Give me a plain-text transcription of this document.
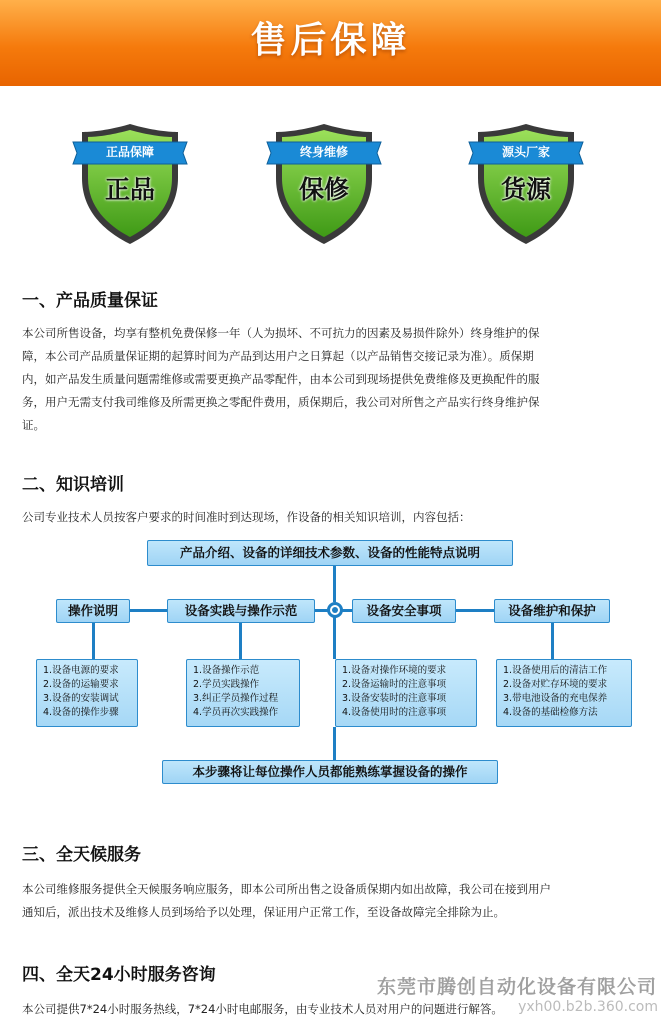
售后保障
正品保障
正品
终身维修
保修
源头厂家
货源
一、产品质量保证
本公司所售设备，均享有整机免费保修一年（人为损坏、不可抗力的因素及易损件除外）终身维护的保
障，本公司产品质量保证期的起算时间为产品到达用户之日算起（以产品销售交接记录为准）。质保期
内，如产品发生质量问题需维修或需要更换产品零配件，由本公司到现场提供免费维修及更换配件的服
务，用户无需支付我司维修及所需更换之零配件费用，质保期后，我公司对所售之产品实行终身维护保
证。
二、知识培训
公司专业技术人员按客户要求的时间准时到达现场，作设备的相关知识培训，内容包括：
产品介绍、设备的详细技术参数、设备的性能特点说明
操作说明	设备实践与操作示范	设备安全事项	设备维护和保护
1.设备电源的要求
2.设备的运输要求
3.设备的安装调试
4.设备的操作步骤
1.设备操作示范
2.学员实践操作
3.纠正学员操作过程
4.学员再次实践操作
1.设备对操作环境的要求
2.设备运输时的注意事项
3.设备安装时的注意事项
4.设备使用时的注意事项
1.设备使用后的清洁工作
2.设备对贮存环境的要求
3.带电池设备的充电保养
4.设备的基础检修方法
本步骤将让每位操作人员都能熟练掌握设备的操作
三、全天候服务
本公司维修服务提供全天候服务响应服务，即本公司所出售之设备质保期内如出故障，我公司在接到用户
通知后，派出技术及维修人员到场给予以处理，保证用户正常工作，至设备故障完全排除为止。
四、全天24小时服务咨询
本公司提供7*24小时服务热线，7*24小时电邮服务，由专业技术人员对用户的问题进行解答。
东莞市腾创自动化设备有限公司
yxh00.b2b.360.com
